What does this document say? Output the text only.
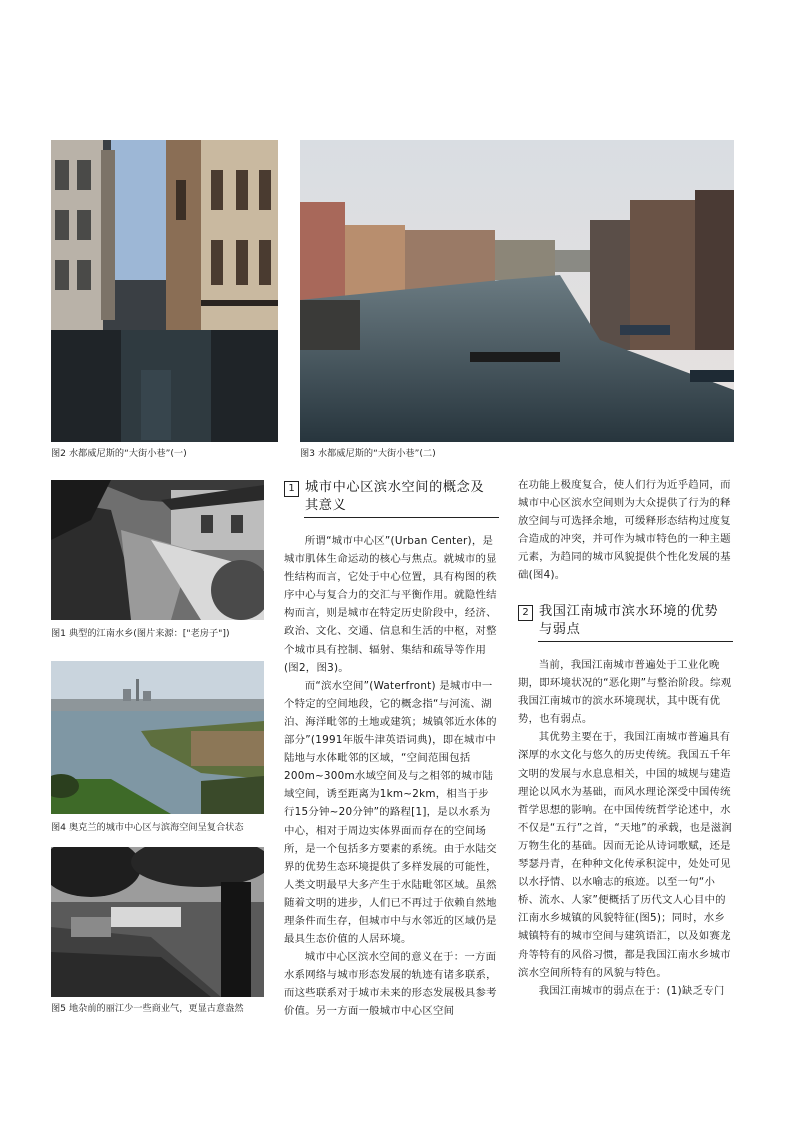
图2 水都威尼斯的“大街小巷”(一)	图3 水都威尼斯的“大街小巷”(二)
图1 典型的江南水乡(图片来源：["老房子"])
图4 奥克兰的城市中心区与滨海空间呈复合状态
图5 地杂前的丽江少一些商业气，更显古意盎然
1 城市中心区滨水空间的概念及
其意义

所谓“城市中心区”(Urban Center)，是城市肌体生命运动的核心与焦点。就城市的显性结构而言，它处于中心位置，具有构图的秩序中心与复合力的交汇与平衡作用。就隐性结构而言，则是城市在特定历史阶段中，经济、政治、文化、交通、信息和生活的中枢，对整个城市具有控制、辐射、集结和疏导等作用(图2，图3)。

而“滨水空间”(Waterfront) 是城市中一个特定的空间地段，它的概念指“与河流、湖泊、海洋毗邻的土地或建筑；城镇邻近水体的部分”(1991年版牛津英语词典)，即在城市中陆地与水体毗邻的区域，“空间范围包括200m~300m水域空间及与之相邻的城市陆域空间，诱至距离为1km~2km，相当于步行15分钟~20分钟”的路程[1]，是以水系为中心，相对于周边实体界面而存在的空间场所，是一个包括多方要素的系统。由于水陆交界的优势生态环境提供了多样发展的可能性，人类文明最早大多产生于水陆毗邻区域。虽然随着文明的进步，人们已不再过于依赖自然地理条件而生存，但城市中与水邻近的区域仍是最具生态价值的人居环境。

城市中心区滨水空间的意义在于：一方面水系网络与城市形态发展的轨迹有诸多联系，而这些联系对于城市未来的形态发展极具参考价值。另一方面一般城市中心区空间

在功能上极度复合，使人们行为近乎趋同，而城市中心区滨水空间则为大众提供了行为的释放空间与可选择余地，可缓释形态结构过度复合造成的冲突，并可作为城市特色的一种主题元素，为趋同的城市风貌提供个性化发展的基础(图4)。

2 我国江南城市滨水环境的优势
与弱点

当前，我国江南城市普遍处于工业化晚期，即环境状况的“恶化期”与整治阶段。综观我国江南城市的滨水环境现状，其中既有优势，也有弱点。

其优势主要在于，我国江南城市普遍具有深厚的水文化与悠久的历史传统。我国五千年文明的发展与水息息相关，中国的城规与建造理论以风水为基础，而风水理论深受中国传统哲学思想的影响。在中国传统哲学论述中，水不仅是“五行”之首，“天地”的承载，也是滋润万物生化的基础。因而无论从诗词歌赋，还是琴瑟丹青，在种种文化传承积淀中，处处可见以水抒情、以水喻志的痕迹。以至一句“小桥、流水、人家”便概括了历代文人心目中的江南水乡城镇的风貌特征(图5)；同时，水乡城镇特有的城市空间与建筑语汇，以及如赛龙舟等特有的风俗习惯，都是我国江南水乡城市滨水空间所特有的风貌与特色。

我国江南城市的弱点在于：(1)缺乏专门
